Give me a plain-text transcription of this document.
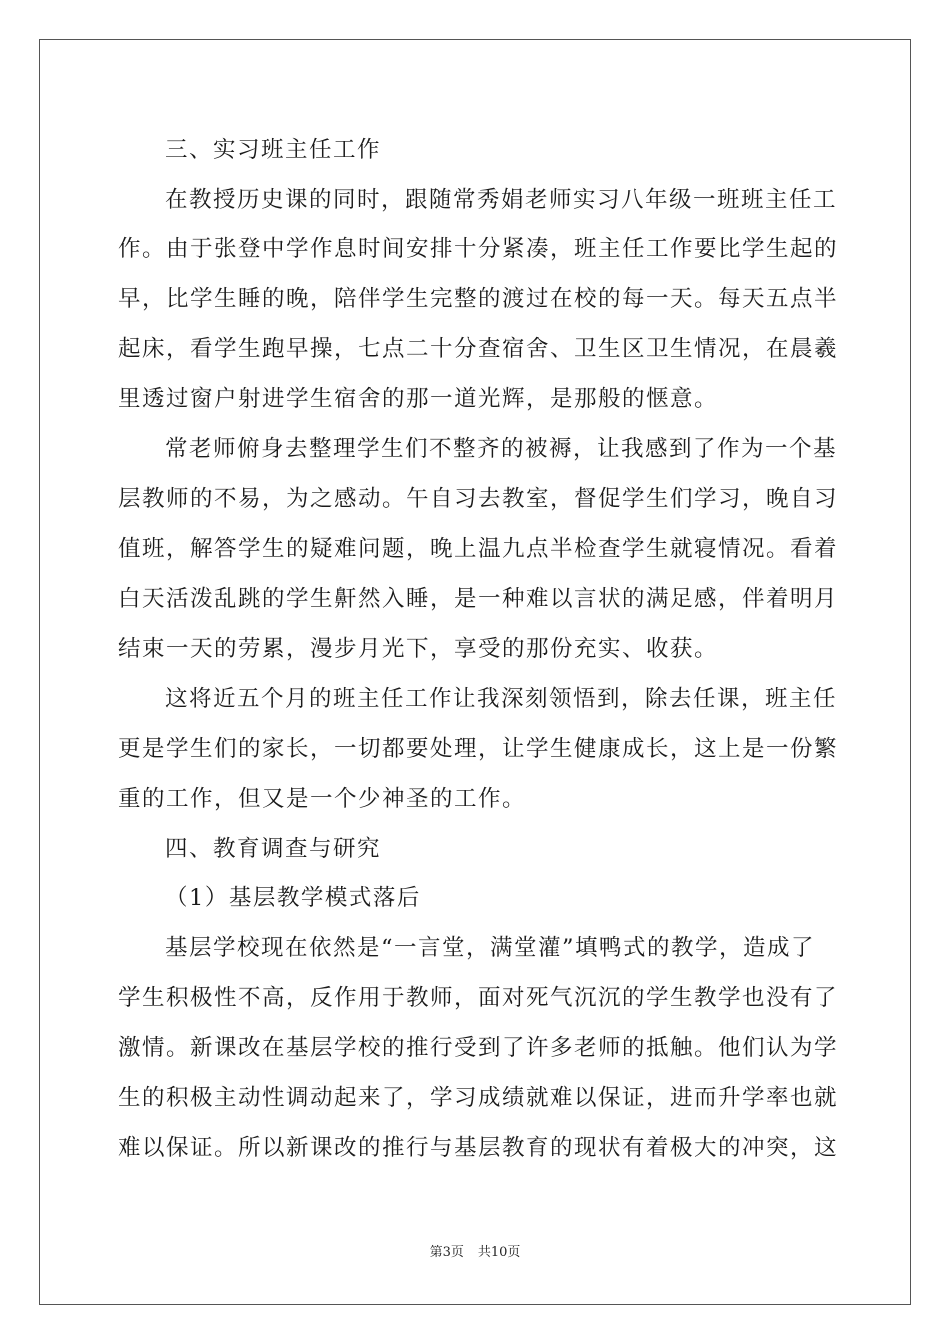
三、实习班主任工作
在教授历史课的同时，跟随常秀娟老师实习八年级一班班主任工
作。由于张登中学作息时间安排十分紧凑，班主任工作要比学生起的
早，比学生睡的晚，陪伴学生完整的渡过在校的每一天。每天五点半
起床，看学生跑早操，七点二十分查宿舍、卫生区卫生情况，在晨羲
里透过窗户射进学生宿舍的那一道光辉，是那般的惬意。
常老师俯身去整理学生们不整齐的被褥，让我感到了作为一个基
层教师的不易，为之感动。午自习去教室，督促学生们学习，晚自习
值班，解答学生的疑难问题，晚上温九点半检查学生就寝情况。看着
白天活泼乱跳的学生鼾然入睡，是一种难以言状的满足感，伴着明月
结束一天的劳累，漫步月光下，享受的那份充实、收获。
这将近五个月的班主任工作让我深刻领悟到，除去任课，班主任
更是学生们的家长，一切都要处理，让学生健康成长，这上是一份繁
重的工作，但又是一个少神圣的工作。
四、教育调查与研究
（1）基层教学模式落后
基层学校现在依然是“一言堂，满堂灌”填鸭式的教学，造成了
学生积极性不高，反作用于教师，面对死气沉沉的学生教学也没有了
激情。新课改在基层学校的推行受到了许多老师的抵触。他们认为学
生的积极主动性调动起来了，学习成绩就难以保证，进而升学率也就
难以保证。所以新课改的推行与基层教育的现状有着极大的冲突，这
第3页 共10页
